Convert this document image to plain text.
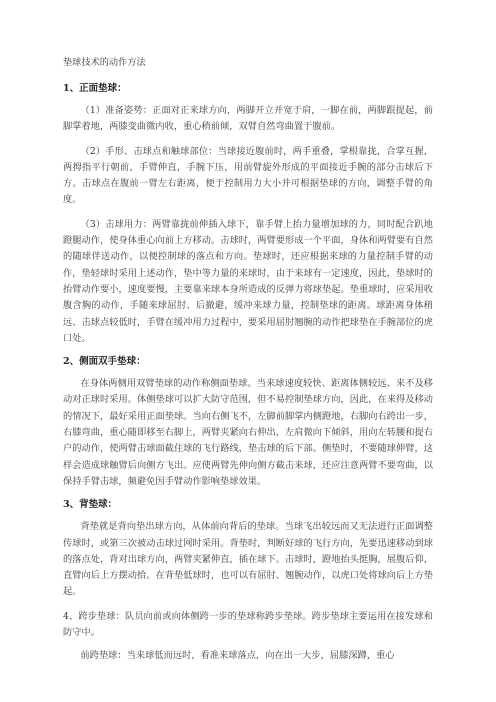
垫球技术的动作方法
1、正面垫球：

（1）准备姿势：正面对正来球方向，两脚开立并宽于肩，一脚在前，两脚跟提起，前脚掌着地，两膝变曲微内收，重心稍前倾，双臂自然弯曲置于腹前。

（2）手形、击球点和触球部位：当球接近腹前时，两手重叠，掌根靠拢，合掌互握，两拇指平行朝前，手臂伸直，手腕下压，用前臂旋外形成的平面接近手腕的部分击球后下方。击球点在腹前一臂左右距离，便于控制用力大小并可根据垫球的方向，调整手臂的角度。

（3）击球用力：两臂靠拢前伸插入球下，靠手臂上抬力量增加球的力，同时配合趴地蹬腿动作，使身体重心向前上方移动。击球时，两臂要形成一个平面，身体和两臂要有自然的随球伴送动作，以便控制球的落点和方向。垫球时，还应根据来球的力量控制手臂的动作，垫轻球时采用上述动作，垫中等力量的来球时，由于来球有一定速度，因此，垫球时的抬臂动作要小，速度要慢，主要靠来球本身所造成的反弹力将球垫起。垫重球时，应采用收腹含胸的动作，手随来球屈肘、后撤避，缓冲来球力量，控制垫球的距离。球距离身体稍远、击球点较低时，手臂在缓冲用力过程中，要采用屈肘翘腕的动作把球垫在手腕部位的虎口处。

2、侧面双手垫球：

在身体两侧用双臂垫球的动作称侧面垫球。当来球速度较快、距离体侧较远、来不及移动对正球时采用。体侧垫球可以扩大防守范围，但不易控制垫球方向，因此，在来得及移动的情况下，最好采用正面垫球。当向右侧飞不，左脚前脚掌内侧蹬地，右脚向右跨出一步，右膝弯曲，重心随即移至右脚上，两臂夹紧向右伸出，左肩微向下倾斜，用向左转腰和提右户的动作，使两臂击球面截住球的飞行路线，垫击球的后下部。侧垫时，不要随球伸臂，这样会造成球触臂后向侧方飞出。应使两臂先伸向侧方截击来球，还应注意两臂不要弯曲，以保持手臂击球，频避免因手臂动作影响垫球效果。

3、背垫球：

背垫就是背向垫出球方向，从体前向背后的垫球。当球飞出较远而又无法进行正面调整传球时，或第三次被动击球过网时采用。背垫时，判断好球的飞行方向，先要迅速移动到球的落点处，背对出球方向，两臂夹紧伸直，插在球下。击球时，蹬地抬头挺胸，展腹后仰，直臂向后上方摆动拾。在背垫低球时，也可以有屈肘、翘腕动作，以虎口处将球向后上方垫起。

4、跨步垫球：队员向前或向体侧跨一步的垫球称跨步垫球。跨步垫球主要运用在接发球和防守中。

前跨垫球：当来球低而远时，看准来球落点，向在出一大步，屈膝深蹲，重心
